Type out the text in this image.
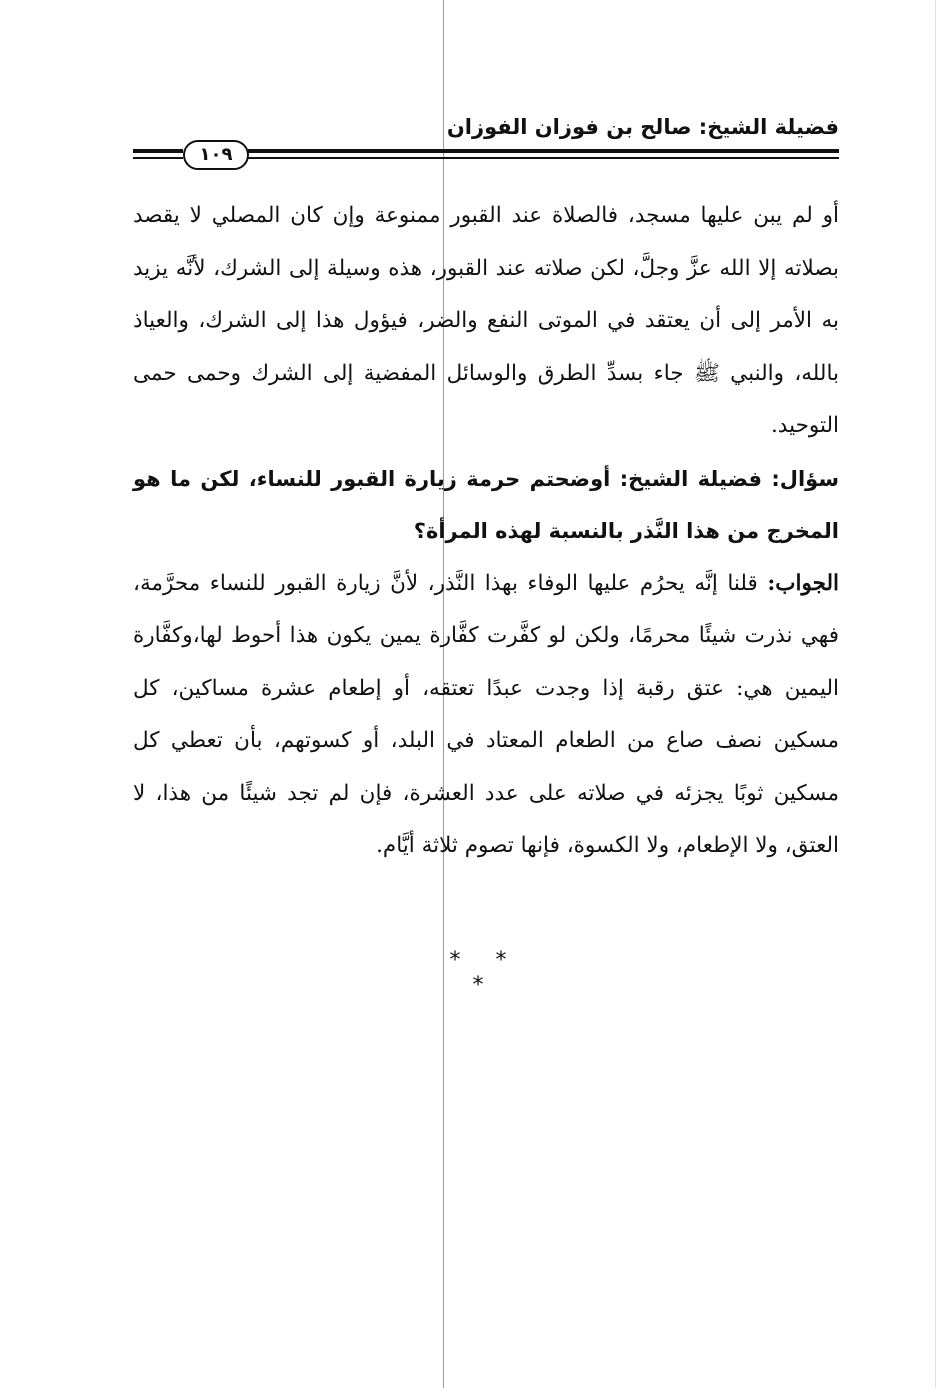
فضيلة الشيخ: صالح بن فوزان الفوزان
١٠٩

أو لم يبن عليها مسجد، فالصلاة عند القبور ممنوعة وإن كان المصلي لا يقصد بصلاته إلا الله عزَّ وجلَّ، لكن صلاته عند القبور، هذه وسيلة إلى الشرك، لأنَّه يزيد به الأمر إلى أن يعتقد في الموتى النفع والضر، فيؤول هذا إلى الشرك، والعياذ بالله، والنبي ﷺ جاء بسدِّ الطرق والوسائل المفضية إلى الشرك وحمى حمى التوحيد.

سؤال: فضيلة الشيخ: أوضحتم حرمة زيارة القبور للنساء، لكن ما هو المخرج من هذا النَّذر بالنسبة لهذه المرأة؟

الجواب: قلنا إنَّه يحرُم عليها الوفاء بهذا النَّذر، لأنَّ زيارة القبور للنساء محرَّمة، فهي نذرت شيئًا محرمًا، ولكن لو كفَّرت كفَّارة يمين يكون هذا أحوط لها،وكفَّارة اليمين هي: عتق رقبة إذا وجدت عبدًا تعتقه، أو إطعام عشرة مساكين، كل مسكين نصف صاع من الطعام المعتاد في البلد، أو كسوتهم، بأن تعطي كل مسكين ثوبًا يجزئه في صلاته على عدد العشرة، فإن لم تجد شيئًا من هذا، لا العتق، ولا الإطعام، ولا الكسوة، فإنها تصوم ثلاثة أيَّام.

* * *
